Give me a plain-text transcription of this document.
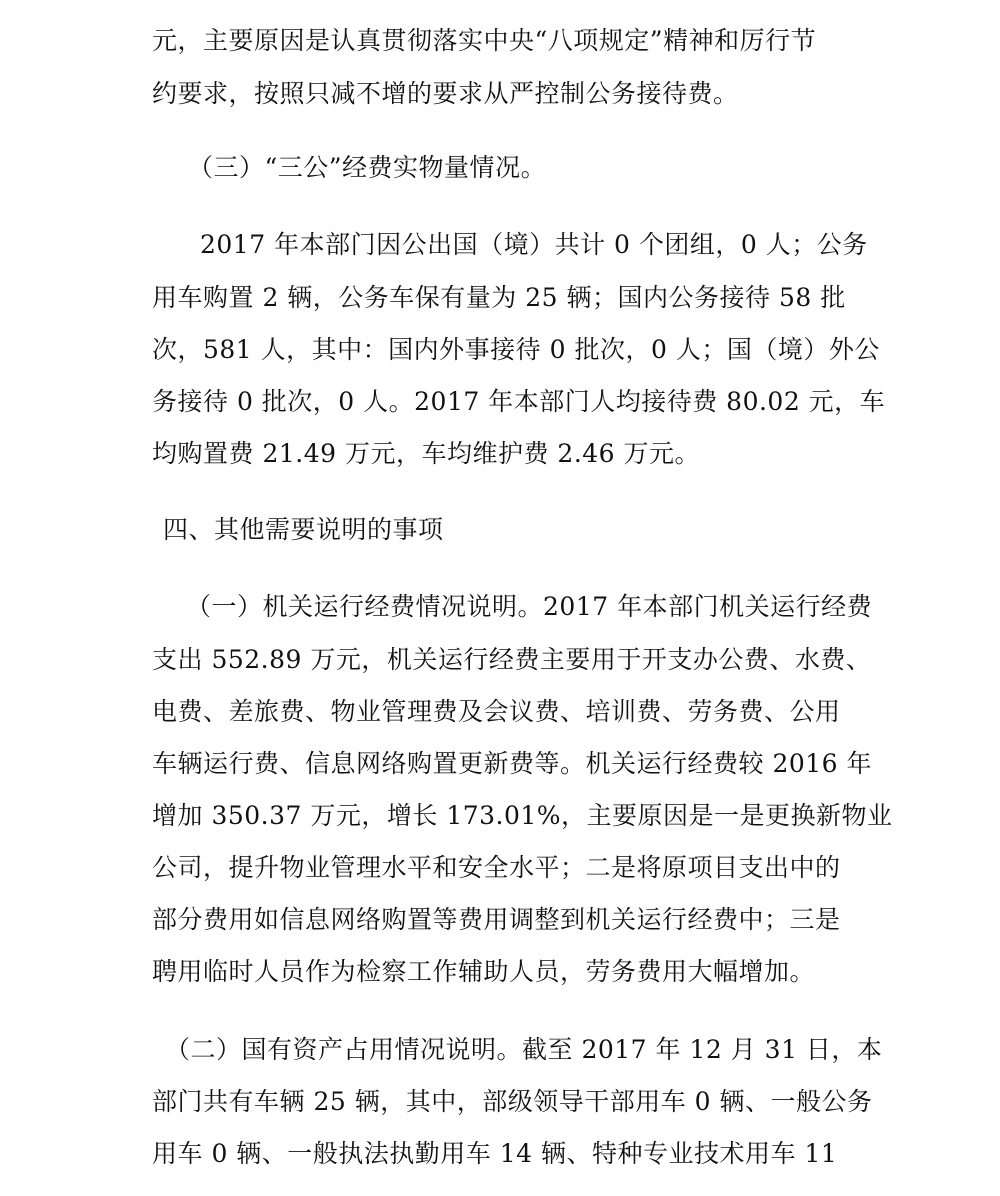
元，主要原因是认真贯彻落实中央“八项规定”精神和厉行节
约要求，按照只减不增的要求从严控制公务接待费。
（三）“三公”经费实物量情况。
2017 年本部门因公出国（境）共计 0 个团组，0 人；公务
用车购置 2 辆，公务车保有量为 25 辆；国内公务接待 58 批
次，581 人，其中：国内外事接待 0 批次，0 人；国（境）外公
务接待 0 批次，0 人。2017 年本部门人均接待费 80.02 元，车
均购置费 21.49 万元，车均维护费 2.46 万元。
四、其他需要说明的事项
（一）机关运行经费情况说明。2017 年本部门机关运行经费
支出 552.89 万元，机关运行经费主要用于开支办公费、水费、
电费、差旅费、物业管理费及会议费、培训费、劳务费、公用
车辆运行费、信息网络购置更新费等。机关运行经费较 2016 年
增加 350.37 万元，增长 173.01%，主要原因是一是更换新物业
公司，提升物业管理水平和安全水平；二是将原项目支出中的
部分费用如信息网络购置等费用调整到机关运行经费中；三是
聘用临时人员作为检察工作辅助人员，劳务费用大幅增加。
（二）国有资产占用情况说明。截至 2017 年 12 月 31 日，本
部门共有车辆 25 辆，其中，部级领导干部用车 0 辆、一般公务
用车 0 辆、一般执法执勤用车 14 辆、特种专业技术用车 11
